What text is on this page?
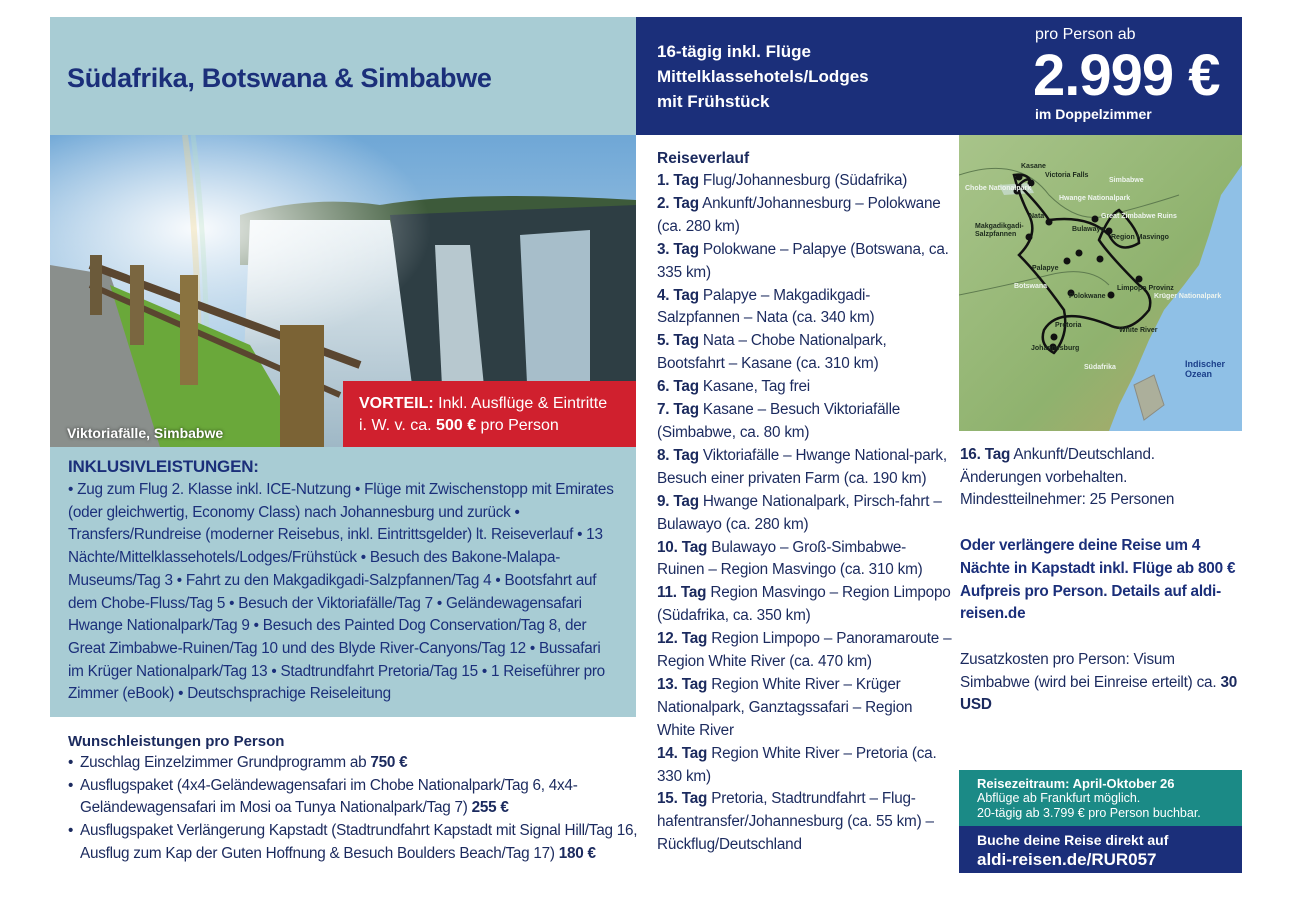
Südafrika, Botswana & Simbabwe
Viktoriafälle, Simbabwe
VORTEIL: Inkl. Ausflüge & Eintritte
i. W. v. ca. 500 € pro Person
INKLUSIVLEISTUNGEN:
• Zug zum Flug 2. Klasse inkl. ICE-Nutzung • Flüge mit Zwischenstopp mit Emirates (oder gleichwertig, Economy Class) nach Johannesburg und zurück • Transfers/Rundreise (moderner Reisebus, inkl. Eintrittsgelder) lt. Reiseverlauf • 13 Nächte/Mittelklassehotels/Lodges/Frühstück • Besuch des Bakone-Malapa-Museums/Tag 3 • Fahrt zu den Makgadikgadi-Salzpfannen/Tag 4 • Bootsfahrt auf dem Chobe-Fluss/Tag 5 • Besuch der Viktoriafälle/Tag 7 • Geländewagensafari Hwange Nationalpark/Tag 9 • Besuch des Painted Dog Conservation/Tag 8, der Great Zimbabwe-Ruinen/Tag 10 und des Blyde River-Canyons/Tag 12 • Bussafari im Krüger Nationalpark/Tag 13 • Stadtrundfahrt Pretoria/Tag 15 • 1 Reiseführer pro Zimmer (eBook) • Deutschsprachige Reiseleitung
Wunschleistungen pro Person
• Zuschlag Einzelzimmer Grundprogramm ab 750 €
• Ausflugspaket (4x4-Geländewagensafari im Chobe Nationalpark/Tag 6, 4x4-Geländewagensafari im Mosi oa Tunya Nationalpark/Tag 7) 255 €
• Ausflugspaket Verlängerung Kapstadt (Stadtrundfahrt Kapstadt mit Signal Hill/Tag 16, Ausflug zum Kap der Guten Hoffnung & Besuch Boulders Beach/Tag 17) 180 €
16-tägig inkl. Flüge
Mittelklassehotels/Lodges
mit Frühstück
pro Person ab
2.999 €
im Doppelzimmer
Reiseverlauf
1. Tag Flug/Johannesburg (Südafrika)
2. Tag Ankunft/Johannesburg – Polokwane (ca. 280 km)
3. Tag Polokwane – Palapye (Botswana, ca. 335 km)
4. Tag Palapye – Makgadikgadi-Salzpfannen – Nata (ca. 340 km)
5. Tag Nata – Chobe Nationalpark, Bootsfahrt – Kasane (ca. 310 km)
6. Tag Kasane, Tag frei
7. Tag Kasane – Besuch Viktoriafälle (Simbabwe, ca. 80 km)
8. Tag Viktoriafälle – Hwange National-park, Besuch einer privaten Farm (ca. 190 km)
9. Tag Hwange Nationalpark, Pirsch-fahrt – Bulawayo (ca. 280 km)
10. Tag Bulawayo – Groß-Simbabwe-Ruinen – Region Masvingo (ca. 310 km)
11. Tag Region Masvingo – Region Limpopo (Südafrika, ca. 350 km)
12. Tag Region Limpopo – Panoramaroute – Region White River (ca. 470 km)
13. Tag Region White River – Krüger Nationalpark, Ganztagssafari – Region White River
14. Tag Region White River – Pretoria (ca. 330 km)
15. Tag Pretoria, Stadtrundfahrt – Flug-hafentransfer/Johannesburg (ca. 55 km) – Rückflug/Deutschland
Kasane
Victoria Falls
Chobe Nationalpark
Hwange Nationalpark
Simbabwe
Nata
Makgadikgadi-Salzpfannen
Bulawayo
Great Zimbabwe Ruins
Region Masvingo
Palapye
Botswana
Polokwane
Limpopo Provinz
Krüger Nationalpark
Pretoria
White River
Johannesburg
Südafrika	Indischer Ozean
16. Tag Ankunft/Deutschland.
Änderungen vorbehalten.
Mindestteilnehmer: 25 Personen
Oder verlängere deine Reise um 4 Nächte in Kapstadt inkl. Flüge ab 800 € Aufpreis pro Person. Details auf aldi-reisen.de
Zusatzkosten pro Person: Visum Simbabwe (wird bei Einreise erteilt) ca. 30 USD
Reisezeitraum: April-Oktober 26
Abflüge ab Frankfurt möglich.
20-tägig ab 3.799 € pro Person buchbar.
Buche deine Reise direkt auf
aldi-reisen.de/RUR057
